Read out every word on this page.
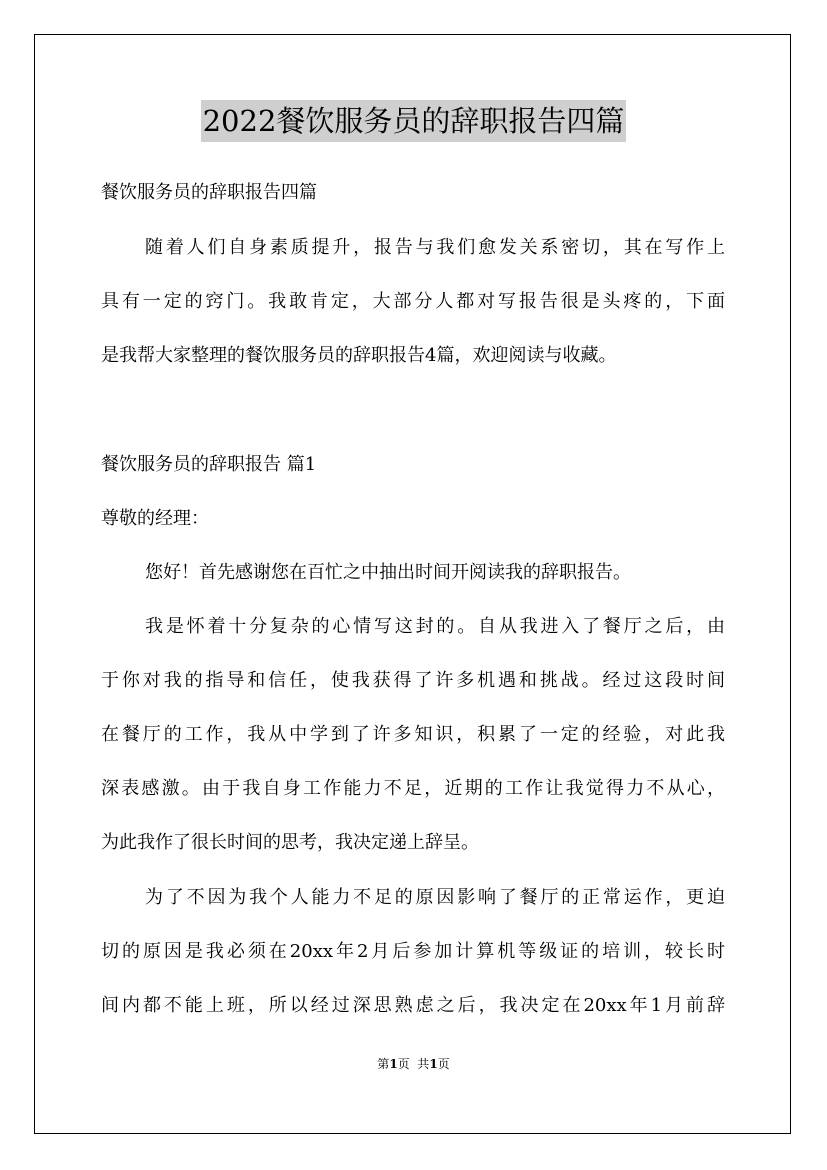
2022餐饮服务员的辞职报告四篇
餐饮服务员的辞职报告四篇
随着人们自身素质提升，报告与我们愈发关系密切，其在写作上
具有一定的窍门。我敢肯定，大部分人都对写报告很是头疼的，下面
是我帮大家整理的餐饮服务员的辞职报告4篇，欢迎阅读与收藏。
餐饮服务员的辞职报告 篇1
尊敬的经理：
您好！首先感谢您在百忙之中抽出时间开阅读我的辞职报告。
我是怀着十分复杂的心情写这封的。自从我进入了餐厅之后，由
于你对我的指导和信任，使我获得了许多机遇和挑战。经过这段时间
在餐厅的工作，我从中学到了许多知识，积累了一定的经验，对此我
深表感激。由于我自身工作能力不足，近期的工作让我觉得力不从心，
为此我作了很长时间的思考，我决定递上辞呈。
为了不因为我个人能力不足的原因影响了餐厅的正常运作，更迫
切的原因是我必须在20xx年2月后参加计算机等级证的培训，较长时
间内都不能上班，所以经过深思熟虑之后，我决定在20xx年1月前辞
第1页  共1页
